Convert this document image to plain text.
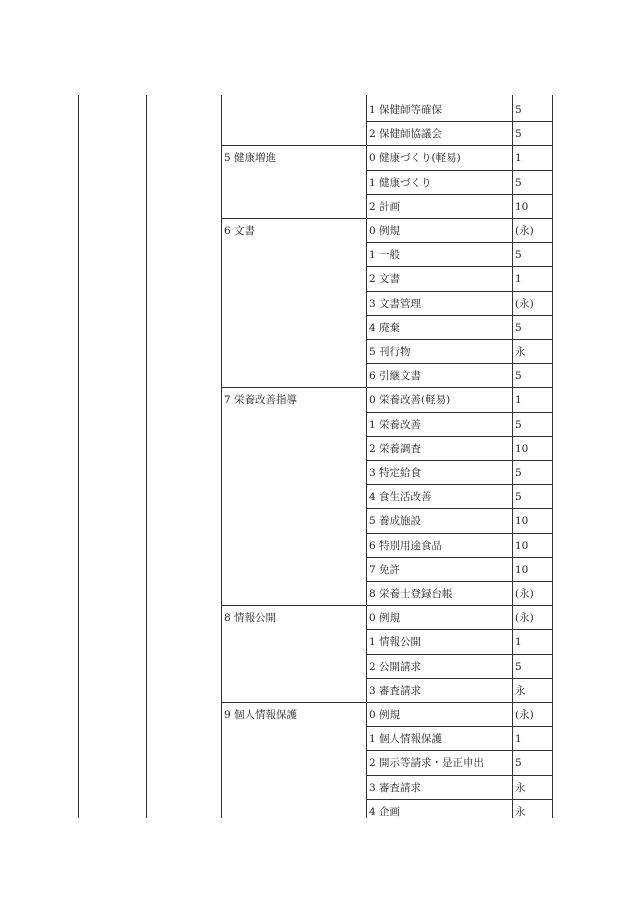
1 保健師等確保	5
2 保健師協議会	5
5 健康増進	0 健康づくり(軽易)	1
1 健康づくり	5
2 計画	10
6 文書	0 例規	(永)
1 一般	5
2 文書	1
3 文書管理	(永)
4 廃棄	5
5 刊行物	永
6 引継文書	5
7 栄養改善指導	0 栄養改善(軽易)	1
1 栄養改善	5
2 栄養調査	10
3 特定給食	5
4 食生活改善	5
5 養成施設	10
6 特別用途食品	10
7 免許	10
8 栄養士登録台帳	(永)
8 情報公開	0 例規	(永)
1 情報公開	1
2 公開請求	5
3 審査請求	永
9 個人情報保護	0 例規	(永)
1 個人情報保護	1
2 開示等請求・是正申出	5
3 審査請求	永
4 企画	永
